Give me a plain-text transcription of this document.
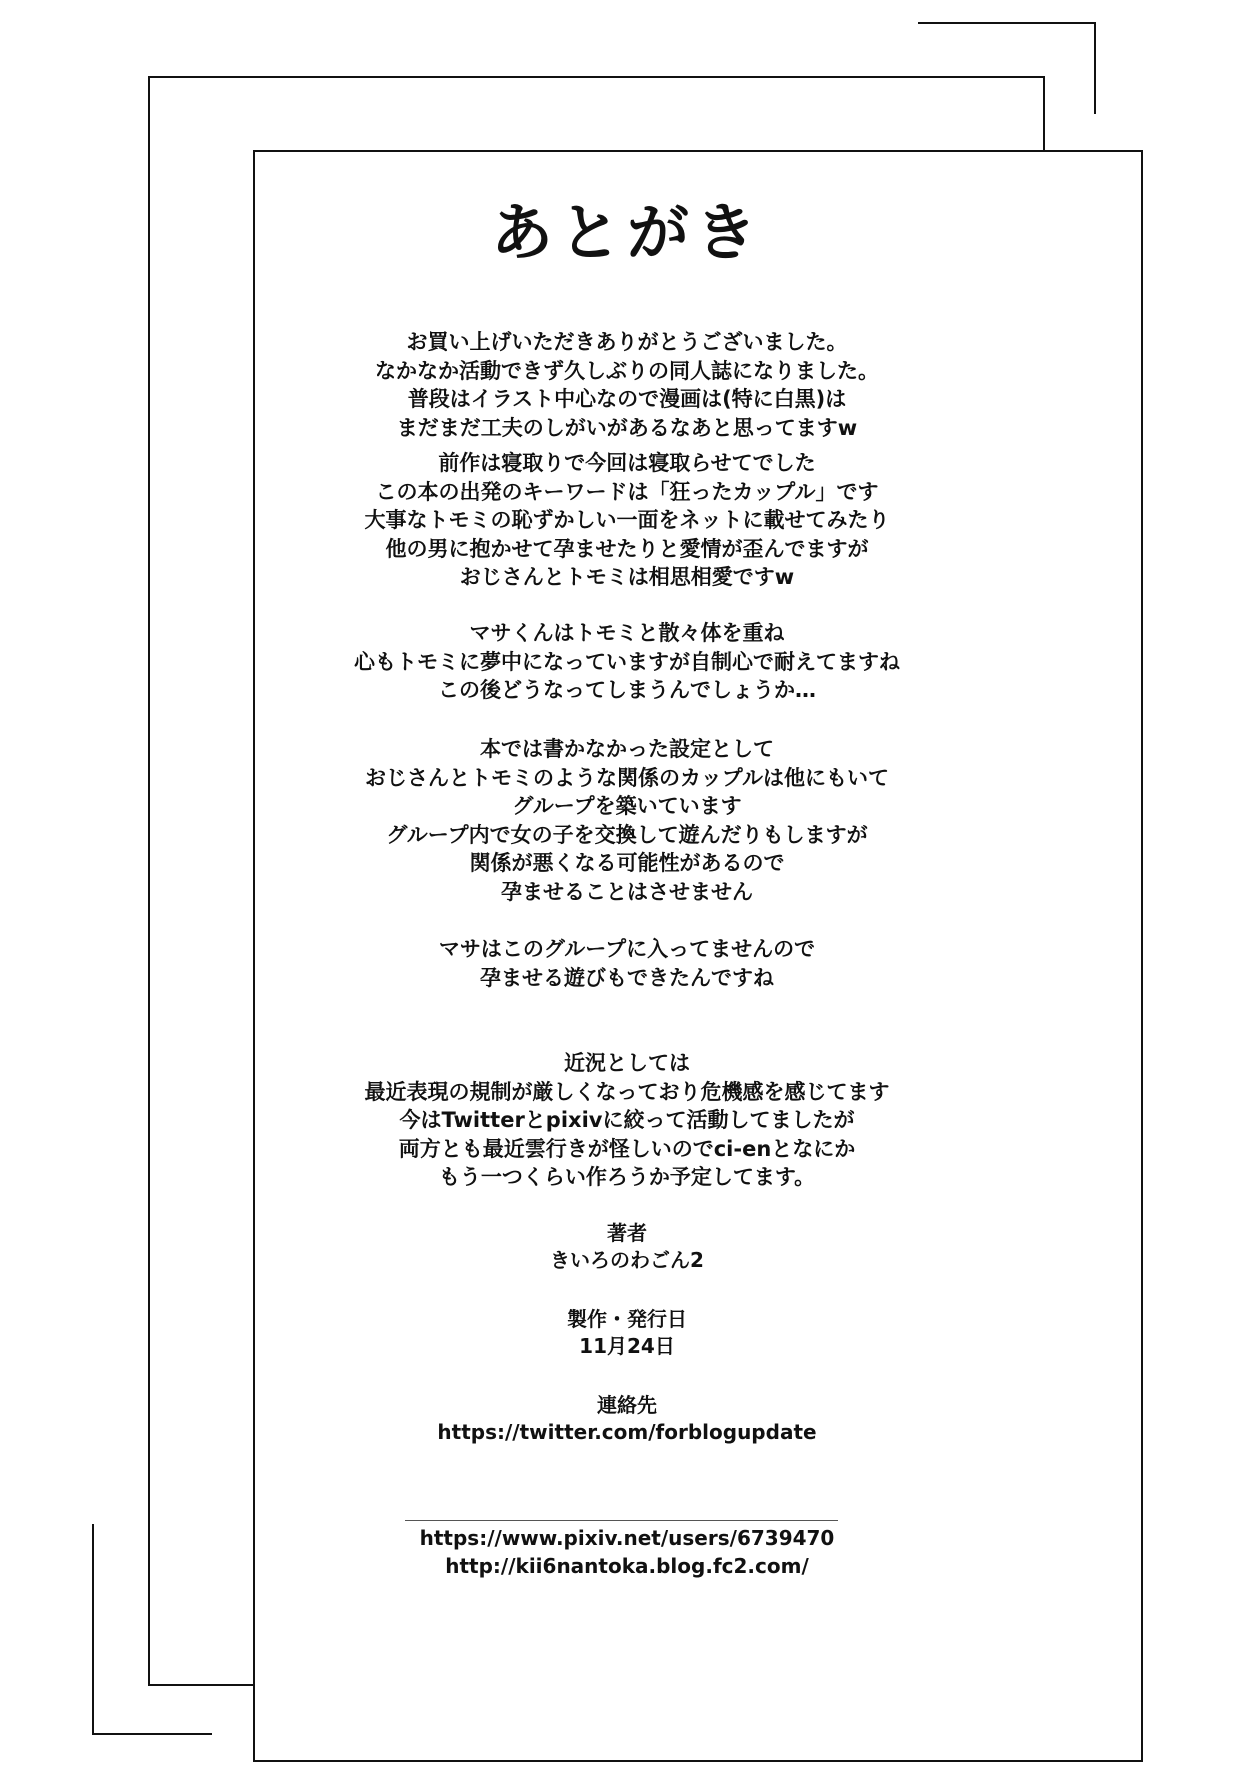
あとがき
お買い上げいただきありがとうございました。
なかなか活動できず久しぶりの同人誌になりました。
普段はイラスト中心なので漫画は(特に白黒)は
まだまだ工夫のしがいがあるなあと思ってますw
前作は寝取りで今回は寝取らせてでした
この本の出発のキーワードは「狂ったカップル」です
大事なトモミの恥ずかしい一面をネットに載せてみたり
他の男に抱かせて孕ませたりと愛情が歪んでますが
おじさんとトモミは相思相愛ですw
マサくんはトモミと散々体を重ね
心もトモミに夢中になっていますが自制心で耐えてますね
この後どうなってしまうんでしょうか…
本では書かなかった設定として
おじさんとトモミのような関係のカップルは他にもいて
グループを築いています
グループ内で女の子を交換して遊んだりもしますが
関係が悪くなる可能性があるので
孕ませることはさせません
マサはこのグループに入ってませんので
孕ませる遊びもできたんですね
近況としては
最近表現の規制が厳しくなっており危機感を感じてます
今はTwitterとpixivに絞って活動してましたが
両方とも最近雲行きが怪しいのでci-enとなにか
もう一つくらい作ろうか予定してます。
著者
きいろのわごん2
製作・発行日
11月24日
連絡先
https://twitter.com/forblogupdate
https://www.pixiv.net/users/6739470
http://kii6nantoka.blog.fc2.com/
